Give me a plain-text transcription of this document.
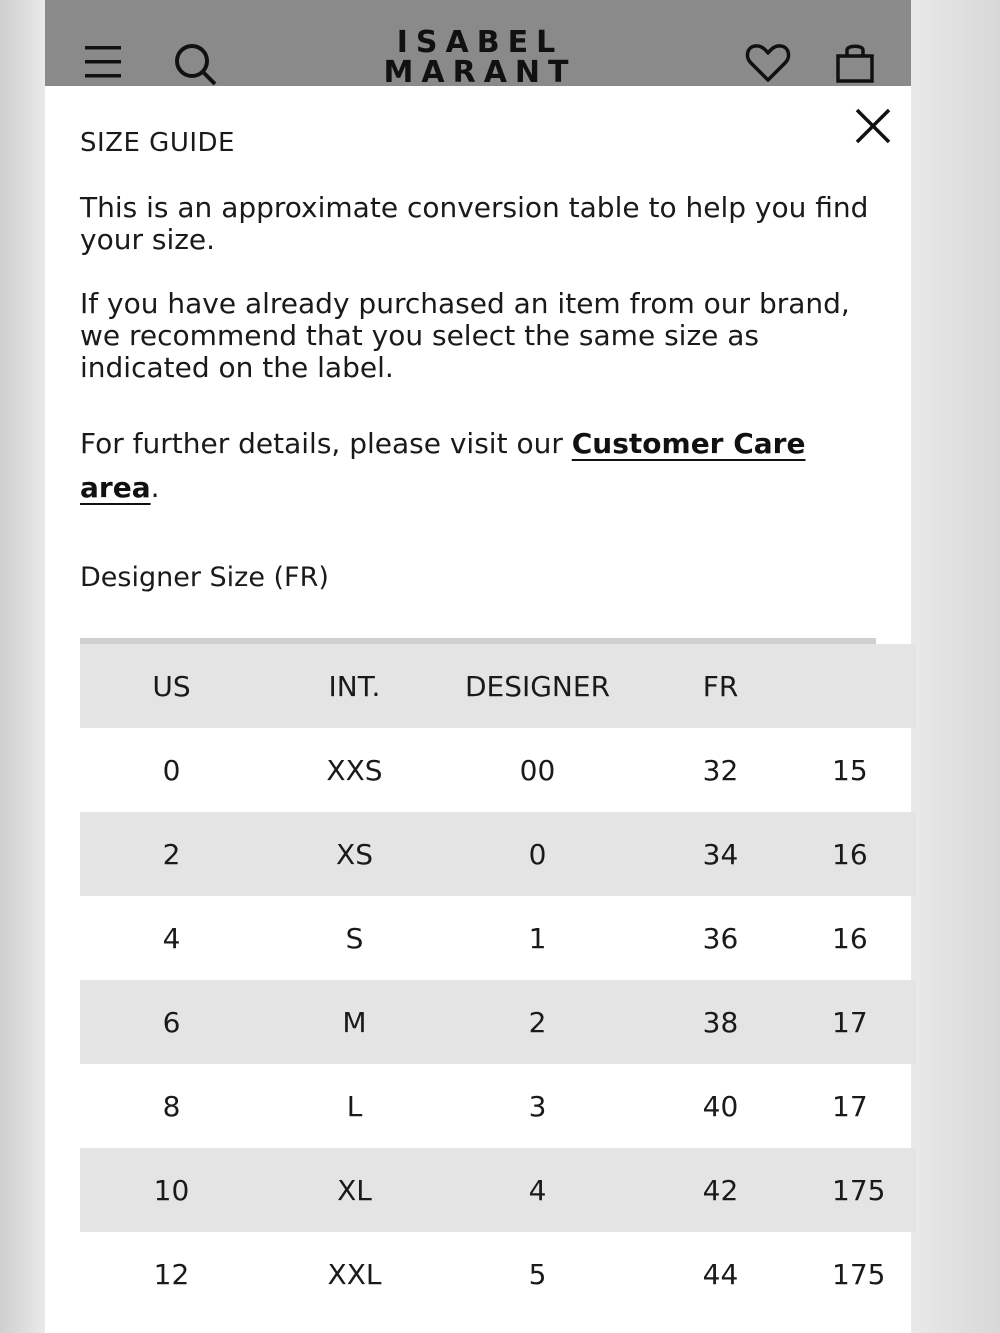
ISABEL
MARANT
SIZE GUIDE

This is an approximate conversion table to help you find your size.

If you have already purchased an item from our brand, we recommend that you select the same size as indicated on the label.

For further details, please visit our Customer Care area.

Designer Size (FR)
US	INT.	DESIGNER	FR	
0	XXS	00	32	15
2	XS	0	34	16
4	S	1	36	16
6	M	2	38	17
8	L	3	40	17
10	XL	4	42	175
12	XXL	5	44	175
